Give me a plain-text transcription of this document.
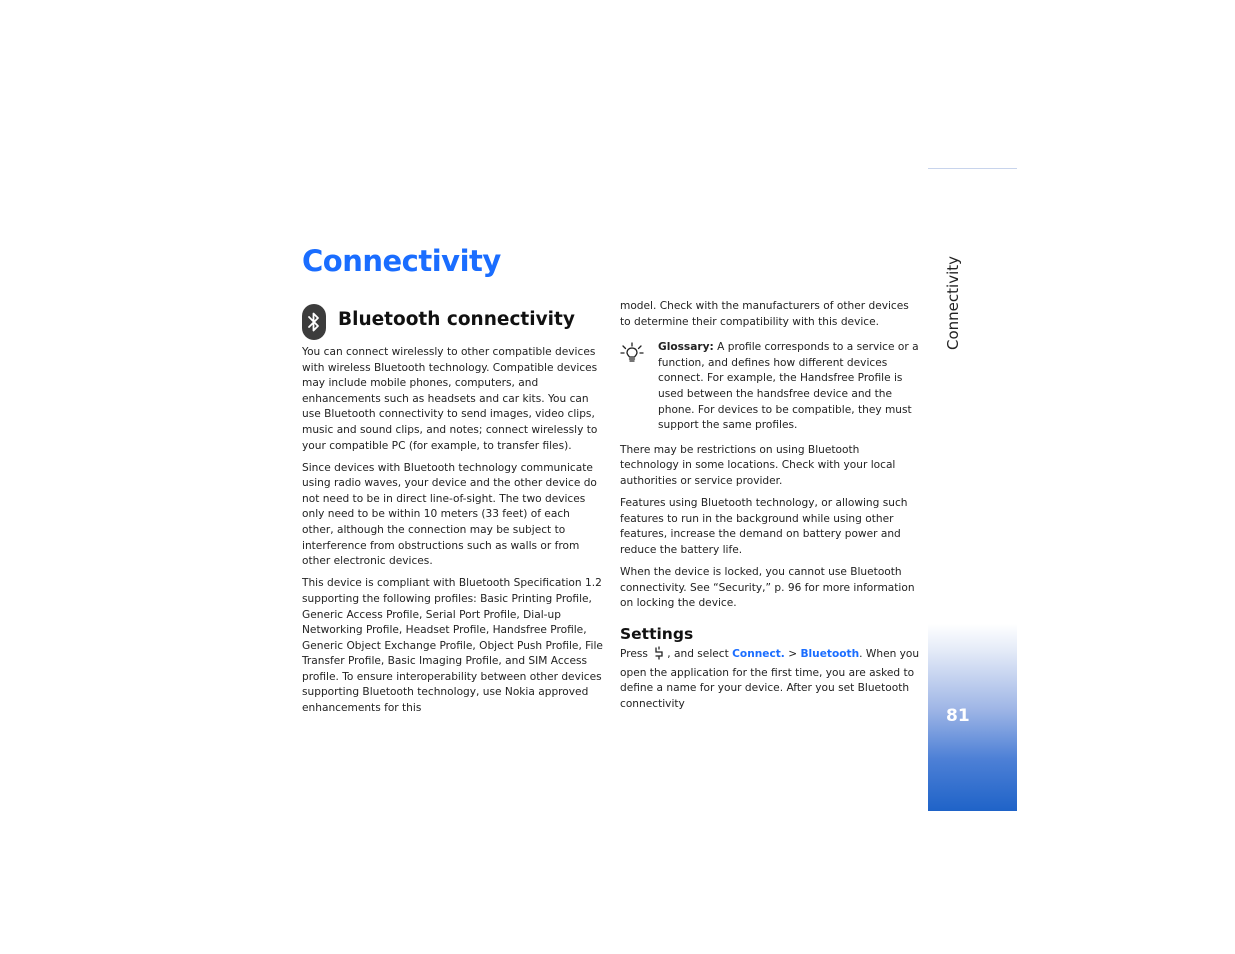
Connectivity
Bluetooth connectivity

You can connect wirelessly to other compatible devices with wireless Bluetooth technology. Compatible devices may include mobile phones, computers, and enhancements such as headsets and car kits. You can use Bluetooth connectivity to send images, video clips, music and sound clips, and notes; connect wirelessly to your compatible PC (for example, to transfer files).

Since devices with Bluetooth technology communicate using radio waves, your device and the other device do not need to be in direct line-of-sight. The two devices only need to be within 10 meters (33 feet) of each other, although the connection may be subject to interference from obstructions such as walls or from other electronic devices.

This device is compliant with Bluetooth Specification 1.2 supporting the following profiles: Basic Printing Profile, Generic Access Profile, Serial Port Profile, Dial-up Networking Profile, Headset Profile, Handsfree Profile, Generic Object Exchange Profile, Object Push Profile, File Transfer Profile, Basic Imaging Profile, and SIM Access profile. To ensure interoperability between other devices supporting Bluetooth technology, use Nokia approved enhancements for this

model. Check with the manufacturers of other devices to determine their compatibility with this device.

Glossary: A profile corresponds to a service or a function, and defines how different devices connect. For example, the Handsfree Profile is used between the handsfree device and the phone. For devices to be compatible, they must support the same profiles.

There may be restrictions on using Bluetooth technology in some locations. Check with your local authorities or service provider.

Features using Bluetooth technology, or allowing such features to run in the background while using other features, increase the demand on battery power and reduce the battery life.

When the device is locked, you cannot use Bluetooth connectivity. See “Security,” p. 96 for more information on locking the device.

Settings

Press , and select Connect. > Bluetooth. When you open the application for the first time, you are asked to define a name for your device. After you set Bluetooth connectivity

Connectivity
81
